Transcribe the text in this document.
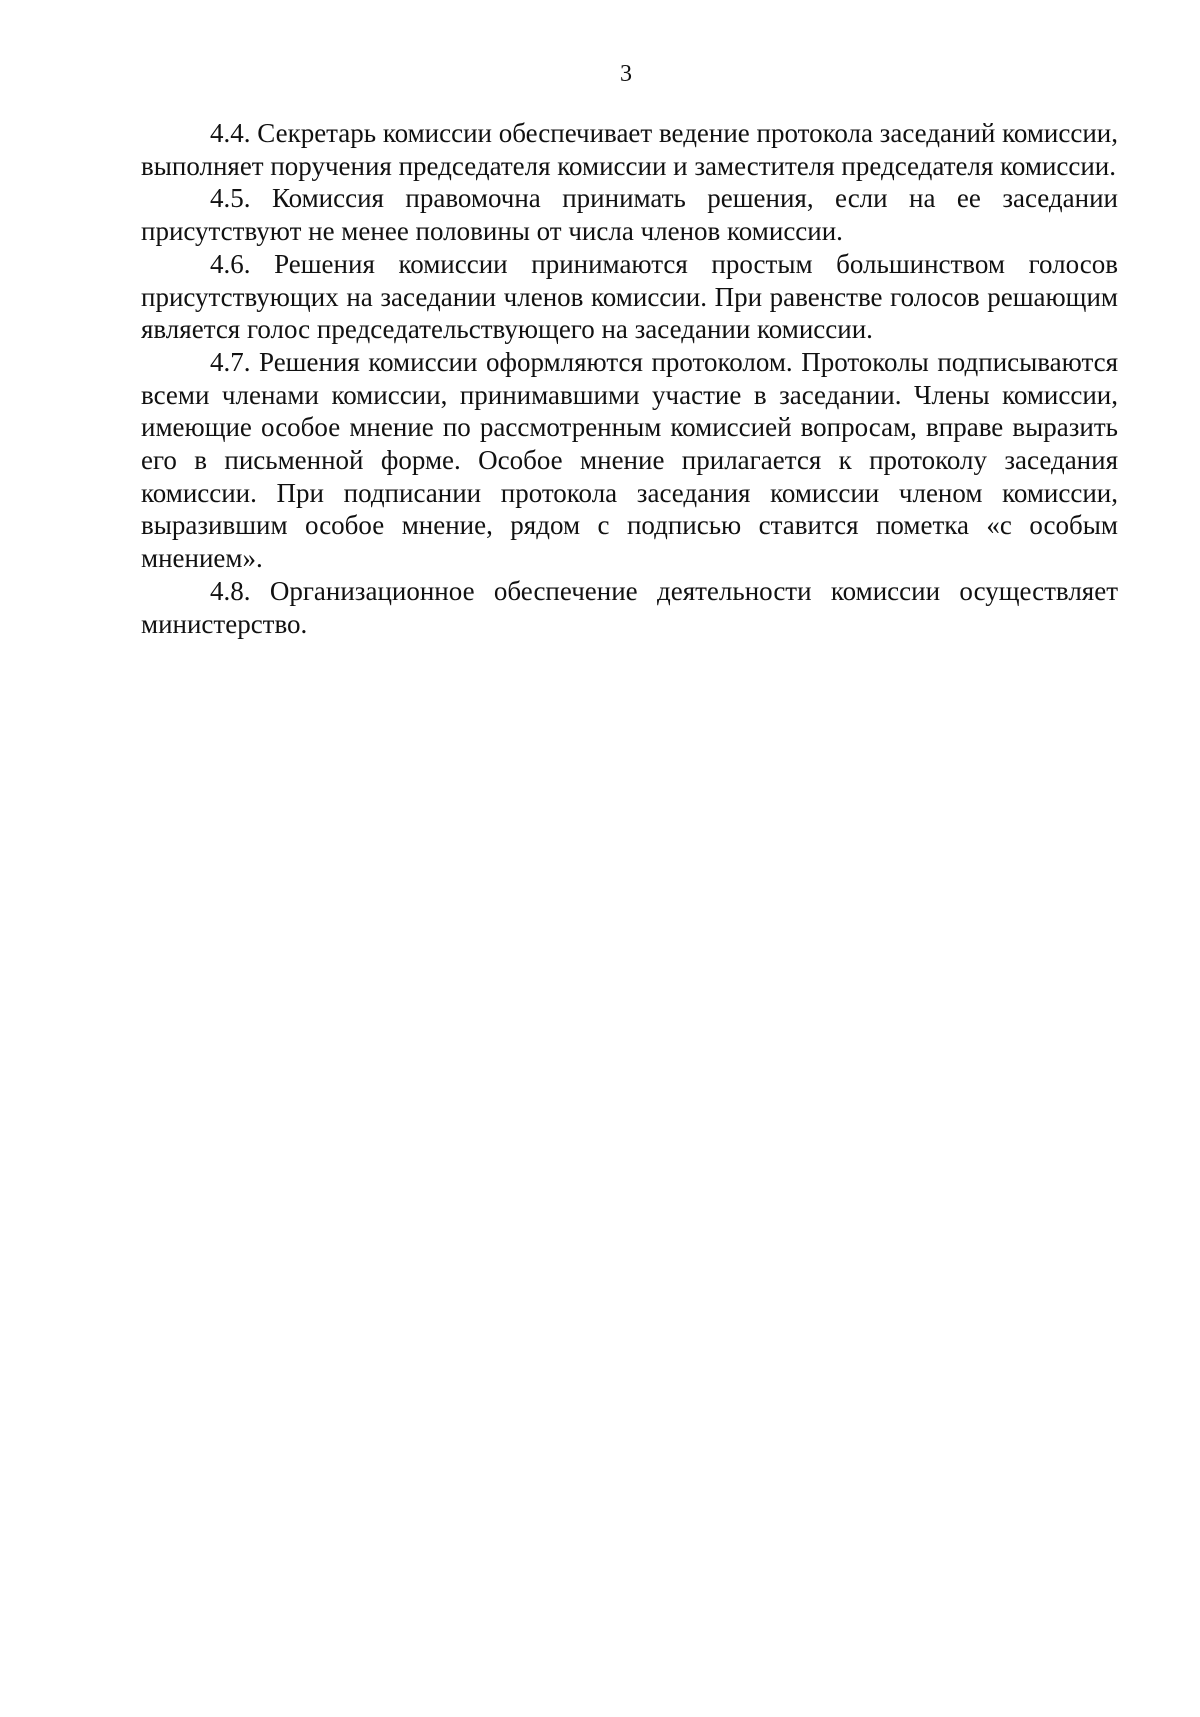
3

4.4. Секретарь комиссии обеспечивает ведение протокола заседаний комиссии, выполняет поручения председателя комиссии и заместителя председателя комиссии.

4.5. Комиссия правомочна принимать решения, если на ее заседании присутствуют не менее половины от числа членов комиссии.

4.6. Решения комиссии принимаются простым большинством голосов присутствующих на заседании членов комиссии. При равенстве голосов решающим является голос председательствующего на заседании комиссии.

4.7. Решения комиссии оформляются протоколом. Протоколы подписываются всеми членами комиссии, принимавшими участие в заседании. Члены комиссии, имеющие особое мнение по рассмотренным комиссией вопросам, вправе выразить его в письменной форме. Особое мнение прилагается к протоколу заседания комиссии. При подписании протокола заседания комиссии членом комиссии, выразившим особое мнение, рядом с подписью ставится пометка «с особым мнением».

4.8. Организационное обеспечение деятельности комиссии осуществляет министерство.
